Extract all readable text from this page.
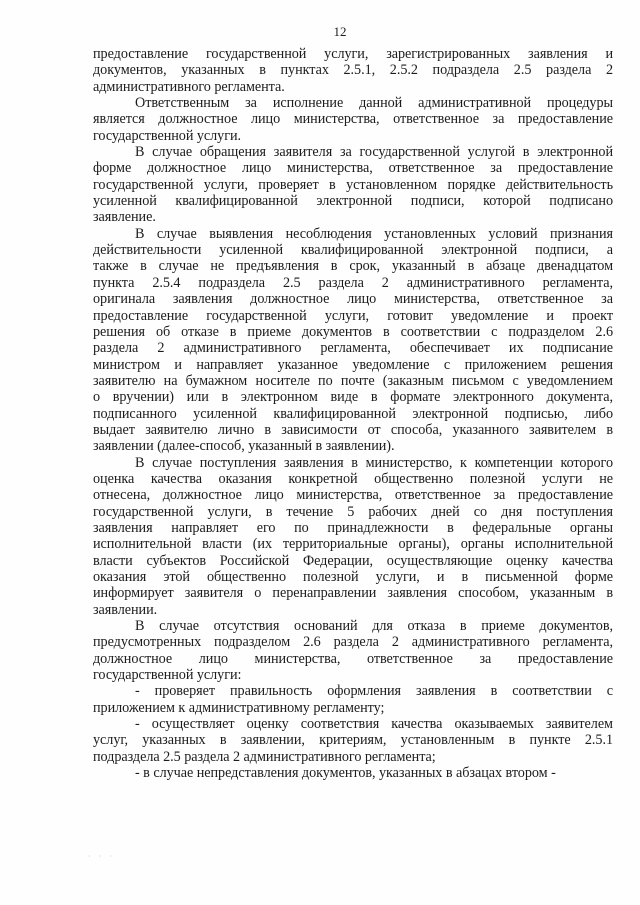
12
предоставление государственной услуги, зарегистрированных заявления и
документов, указанных в пунктах 2.5.1, 2.5.2 подраздела 2.5 раздела 2
административного регламента.
Ответственным за исполнение данной административной процедуры
является должностное лицо министерства, ответственное за предоставление
государственной услуги.
В случае обращения заявителя за государственной услугой в электронной
форме должностное лицо министерства, ответственное за предоставление
государственной услуги, проверяет в установленном порядке действительность
усиленной квалифицированной электронной подписи, которой подписано
заявление.
В случае выявления несоблюдения установленных условий признания
действительности усиленной квалифицированной электронной подписи, а
также в случае не предъявления в срок, указанный в абзаце двенадцатом
пункта 2.5.4 подраздела 2.5 раздела 2 административного регламента,
оригинала заявления должностное лицо министерства, ответственное за
предоставление государственной услуги, готовит уведомление и проект
решения об отказе в приеме документов в соответствии с подразделом 2.6
раздела 2 административного регламента, обеспечивает их подписание
министром и направляет указанное уведомление с приложением решения
заявителю на бумажном носителе по почте (заказным письмом с уведомлением
о вручении) или в электронном виде в формате электронного документа,
подписанного усиленной квалифицированной электронной подписью, либо
выдает заявителю лично в зависимости от способа, указанного заявителем в
заявлении (далее-способ, указанный в заявлении).
В случае поступления заявления в министерство, к компетенции которого
оценка качества оказания конкретной общественно полезной услуги не
отнесена, должностное лицо министерства, ответственное за предоставление
государственной услуги, в течение 5 рабочих дней со дня поступления
заявления направляет его по принадлежности в федеральные органы
исполнительной власти (их территориальные органы), органы исполнительной
власти субъектов Российской Федерации, осуществляющие оценку качества
оказания этой общественно полезной услуги, и в письменной форме
информирует заявителя о перенаправлении заявления способом, указанным в
заявлении.
В случае отсутствия оснований для отказа в приеме документов,
предусмотренных подразделом 2.6 раздела 2 административного регламента,
должностное лицо министерства, ответственное за предоставление
государственной услуги:
- проверяет правильность оформления заявления в соответствии с
приложением к административному регламенту;
- осуществляет оценку соответствия качества оказываемых заявителем
услуг, указанных в заявлении, критериям, установленным в пункте 2.5.1
подраздела 2.5 раздела 2 административного регламента;
- в случае непредставления документов, указанных в абзацах втором -
· · ·
